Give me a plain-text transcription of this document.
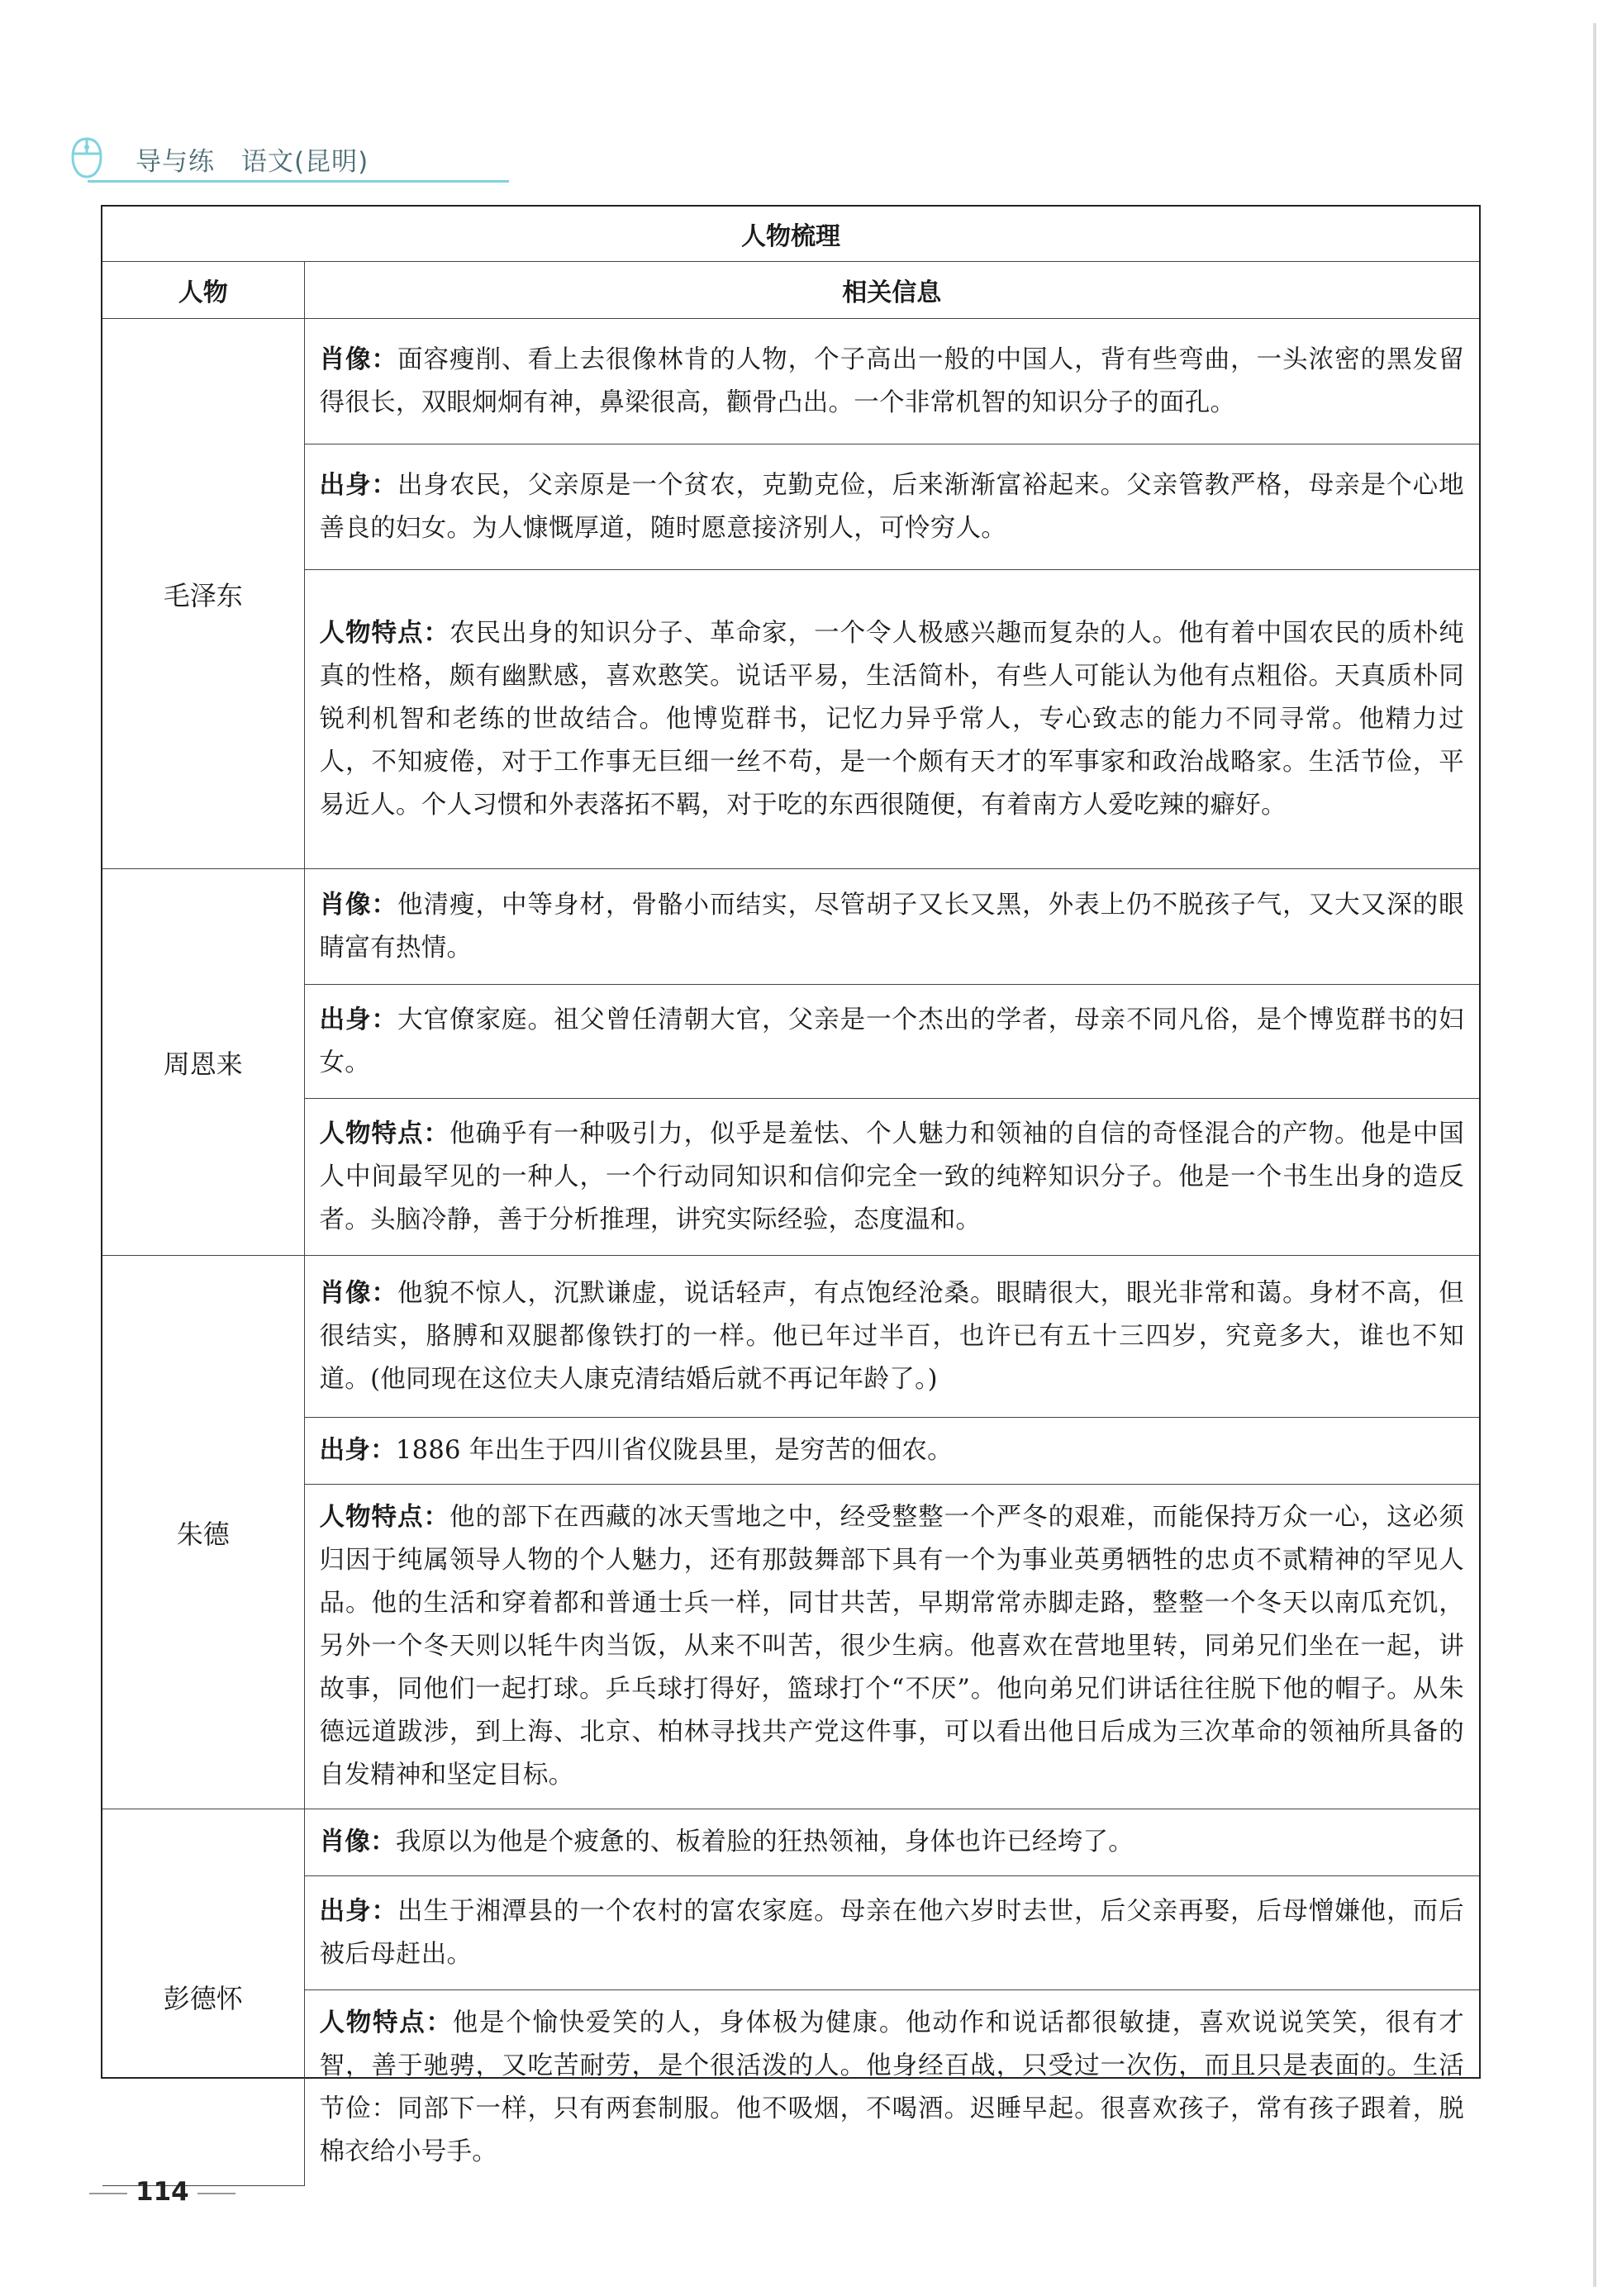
导与练 语文(昆明)
人物梳理	
人物	相关信息
毛泽东	肖像：面容瘦削、看上去很像林肯的人物，个子高出一般的中国人，背有些弯曲，一头浓密的黑发留得很长，双眼炯炯有神，鼻梁很高，颧骨凸出。一个非常机智的知识分子的面孔。
	出身：出身农民，父亲原是一个贫农，克勤克俭，后来渐渐富裕起来。父亲管教严格，母亲是个心地善良的妇女。为人慷慨厚道，随时愿意接济别人，可怜穷人。
	人物特点：农民出身的知识分子、革命家，一个令人极感兴趣而复杂的人。他有着中国农民的质朴纯真的性格，颇有幽默感，喜欢憨笑。说话平易，生活简朴，有些人可能认为他有点粗俗。天真质朴同锐利机智和老练的世故结合。他博览群书，记忆力异乎常人，专心致志的能力不同寻常。他精力过人，不知疲倦，对于工作事无巨细一丝不苟，是一个颇有天才的军事家和政治战略家。生活节俭，平易近人。个人习惯和外表落拓不羁，对于吃的东西很随便，有着南方人爱吃辣的癖好。
周恩来	肖像：他清瘦，中等身材，骨骼小而结实，尽管胡子又长又黑，外表上仍不脱孩子气，又大又深的眼睛富有热情。
	出身：大官僚家庭。祖父曾任清朝大官，父亲是一个杰出的学者，母亲不同凡俗，是个博览群书的妇女。
	人物特点：他确乎有一种吸引力，似乎是羞怯、个人魅力和领袖的自信的奇怪混合的产物。他是中国人中间最罕见的一种人，一个行动同知识和信仰完全一致的纯粹知识分子。他是一个书生出身的造反者。头脑冷静，善于分析推理，讲究实际经验，态度温和。
朱德	肖像：他貌不惊人，沉默谦虚，说话轻声，有点饱经沧桑。眼睛很大，眼光非常和蔼。身材不高，但很结实，胳膊和双腿都像铁打的一样。他已年过半百，也许已有五十三四岁，究竟多大，谁也不知道。(他同现在这位夫人康克清结婚后就不再记年龄了。)
	出身：1886 年出生于四川省仪陇县里，是穷苦的佃农。
	人物特点：他的部下在西藏的冰天雪地之中，经受整整一个严冬的艰难，而能保持万众一心，这必须归因于纯属领导人物的个人魅力，还有那鼓舞部下具有一个为事业英勇牺牲的忠贞不贰精神的罕见人品。他的生活和穿着都和普通士兵一样，同甘共苦，早期常常赤脚走路，整整一个冬天以南瓜充饥，另外一个冬天则以牦牛肉当饭，从来不叫苦，很少生病。他喜欢在营地里转，同弟兄们坐在一起，讲故事，同他们一起打球。乒乓球打得好，篮球打个“不厌”。他向弟兄们讲话往往脱下他的帽子。从朱德远道跋涉，到上海、北京、柏林寻找共产党这件事，可以看出他日后成为三次革命的领袖所具备的自发精神和坚定目标。
彭德怀	肖像：我原以为他是个疲惫的、板着脸的狂热领袖，身体也许已经垮了。
	出身：出生于湘潭县的一个农村的富农家庭。母亲在他六岁时去世，后父亲再娶，后母憎嫌他，而后被后母赶出。
	人物特点：他是个愉快爱笑的人，身体极为健康。他动作和说话都很敏捷，喜欢说说笑笑，很有才智，善于驰骋，又吃苦耐劳，是个很活泼的人。他身经百战，只受过一次伤，而且只是表面的。生活节俭：同部下一样，只有两套制服。他不吸烟，不喝酒。迟睡早起。很喜欢孩子，常有孩子跟着，脱棉衣给小号手。
114
